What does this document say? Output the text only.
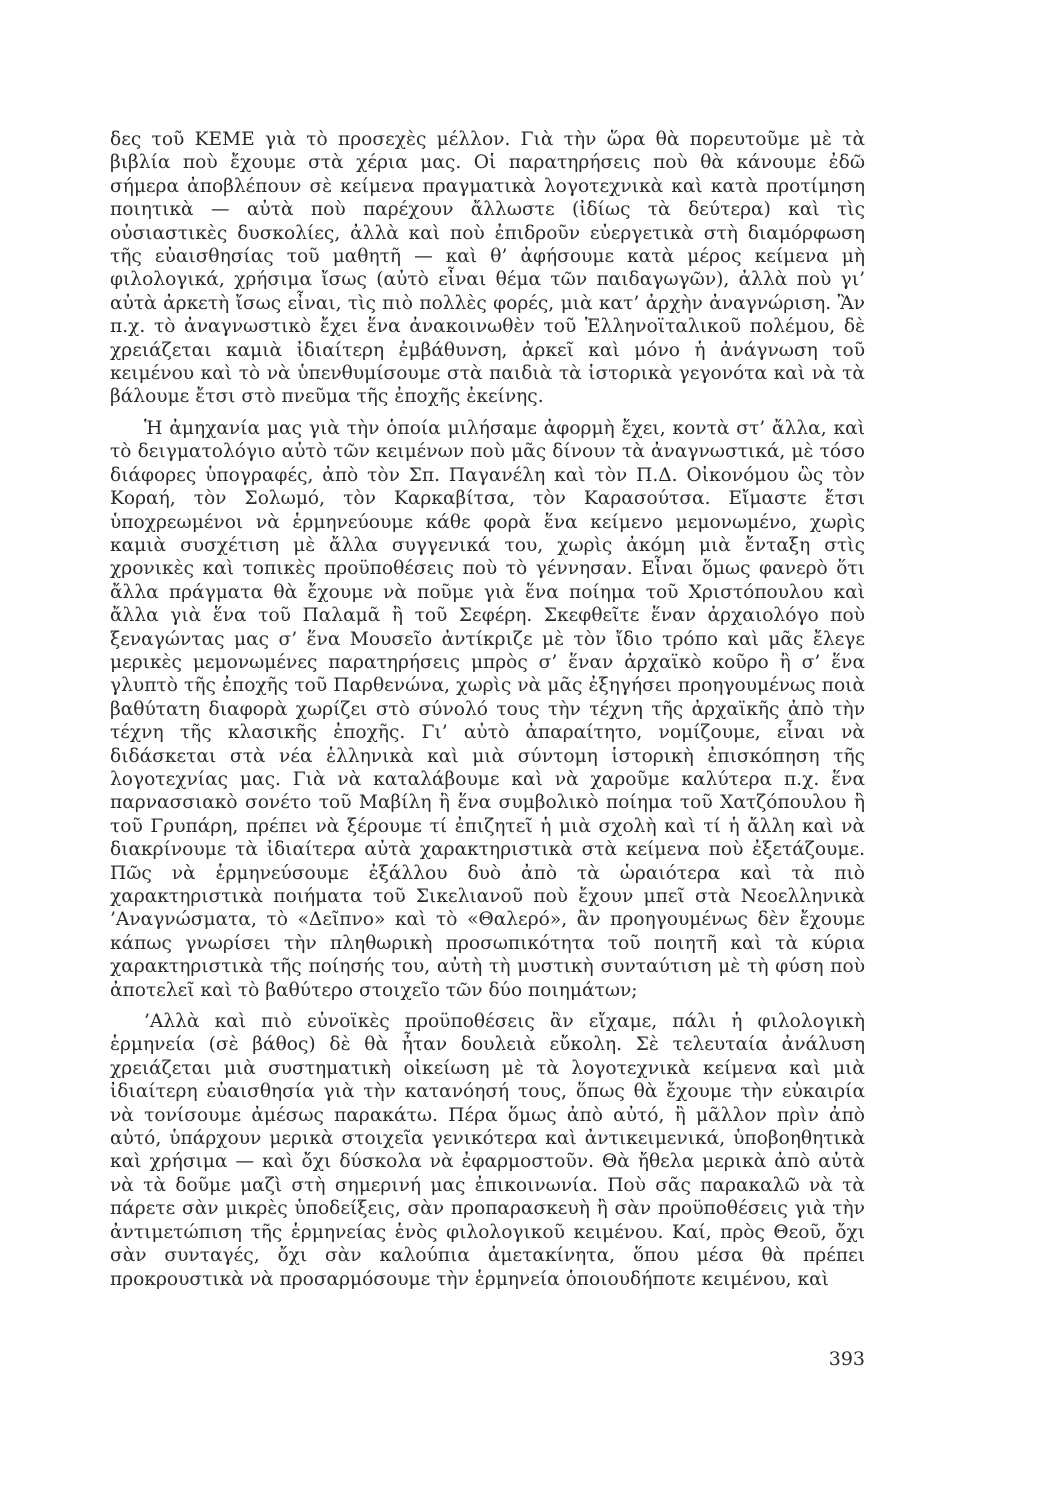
δες τοῦ ΚΕΜΕ γιὰ τὸ προσεχὲς μέλλον. Γιὰ τὴν ὥρα θὰ πορευτοῦμε μὲ τὰ βιβλία ποὺ ἔχουμε στὰ χέρια μας. Οἱ παρατηρήσεις ποὺ θὰ κάνουμε ἐδῶ σήμερα ἀποβλέπουν σὲ κείμενα πραγματικὰ λογοτεχνικὰ καὶ κατὰ προτίμηση ποιητικὰ — αὐτὰ ποὺ παρέχουν ἄλλωστε (ἰδίως τὰ δεύτερα) καὶ τὶς οὐσιαστικὲς δυσκολίες, ἀλλὰ καὶ ποὺ ἐπιδροῦν εὐεργετικὰ στὴ διαμόρφωση τῆς εὐαισθησίας τοῦ μαθητῆ — καὶ θ’ ἀφήσουμε κατὰ μέρος κείμενα μὴ φιλολογικά, χρήσιμα ἴσως (αὐτὸ εἶναι θέμα τῶν παιδαγωγῶν), ἀλλὰ ποὺ γι’ αὐτὰ ἀρκετὴ ἴσως εἶναι, τὶς πιὸ πολλὲς φορές, μιὰ κατ’ ἀρχὴν ἀναγνώριση. Ἂν π.χ. τὸ ἀναγνωστικὸ ἔχει ἕνα ἀνακοινωθὲν τοῦ Ἑλληνοϊταλικοῦ πολέμου, δὲ χρειάζεται καμιὰ ἰδιαίτερη ἐμβάθυνση, ἀρκεῖ καὶ μόνο ἡ ἀνάγνωση τοῦ κειμένου καὶ τὸ νὰ ὑπενθυμίσουμε στὰ παιδιὰ τὰ ἱστορικὰ γεγονότα καὶ νὰ τὰ βάλουμε ἔτσι στὸ πνεῦμα τῆς ἐποχῆς ἐκείνης.

Ἡ ἀμηχανία μας γιὰ τὴν ὁποία μιλήσαμε ἀφορμὴ ἔχει, κοντὰ στ’ ἄλλα, καὶ τὸ δειγματολόγιο αὐτὸ τῶν κειμένων ποὺ μᾶς δίνουν τὰ ἀναγνωστικά, μὲ τόσο διάφορες ὑπογραφές, ἀπὸ τὸν Σπ. Παγανέλη καὶ τὸν Π.Δ. Οἰκονόμου ὣς τὸν Κοραή, τὸν Σολωμό, τὸν Καρκαβίτσα, τὸν Καρασούτσα. Εἴμαστε ἔτσι ὑποχρεωμένοι νὰ ἑρμηνεύουμε κάθε φορὰ ἕνα κείμενο μεμονωμένο, χωρὶς καμιὰ συσχέτιση μὲ ἄλλα συγγενικά του, χωρὶς ἀκόμη μιὰ ἔνταξη στὶς χρονικὲς καὶ τοπικὲς προϋποθέσεις ποὺ τὸ γέννησαν. Εἶναι ὅμως φανερὸ ὅτι ἄλλα πράγματα θὰ ἔχουμε νὰ ποῦμε γιὰ ἕνα ποίημα τοῦ Χριστόπουλου καὶ ἄλλα γιὰ ἕνα τοῦ Παλαμᾶ ἢ τοῦ Σεφέρη. Σκεφθεῖτε ἕναν ἀρχαιολόγο ποὺ ξεναγώντας μας σ’ ἕνα Μουσεῖο ἀντίκριζε μὲ τὸν ἴδιο τρόπο καὶ μᾶς ἔλεγε μερικὲς μεμονωμένες παρατηρήσεις μπρὸς σ’ ἕναν ἀρχαϊκὸ κοῦρο ἢ σ’ ἕνα γλυπτὸ τῆς ἐποχῆς τοῦ Παρθενώνα, χωρὶς νὰ μᾶς ἐξηγήσει προηγουμένως ποιὰ βαθύτατη διαφορὰ χωρίζει στὸ σύνολό τους τὴν τέχνη τῆς ἀρχαϊκῆς ἀπὸ τὴν τέχνη τῆς κλασικῆς ἐποχῆς. Γι’ αὐτὸ ἀπαραίτητο, νομίζουμε, εἶναι νὰ διδάσκεται στὰ νέα ἑλληνικὰ καὶ μιὰ σύντομη ἱστορικὴ ἐπισκόπηση τῆς λογοτεχνίας μας. Γιὰ νὰ καταλάβουμε καὶ νὰ χαροῦμε καλύτερα π.χ. ἕνα παρνασσιακὸ σονέτο τοῦ Μαβίλη ἢ ἕνα συμβολικὸ ποίημα τοῦ Χατζόπουλου ἢ τοῦ Γρυπάρη, πρέπει νὰ ξέρουμε τί ἐπιζητεῖ ἡ μιὰ σχολὴ καὶ τί ἡ ἄλλη καὶ νὰ διακρίνουμε τὰ ἰδιαίτερα αὐτὰ χαρακτηριστικὰ στὰ κείμενα ποὺ ἐξετάζουμε. Πῶς νὰ ἑρμηνεύσουμε ἐξάλλου δυὸ ἀπὸ τὰ ὡραιότερα καὶ τὰ πιὸ χαρακτηριστικὰ ποιήματα τοῦ Σικελιανοῦ ποὺ ἔχουν μπεῖ στὰ Νεοελληνικὰ ’Αναγνώσματα, τὸ «Δεῖπνο» καὶ τὸ «Θαλερό», ἂν προηγουμένως δὲν ἔχουμε κάπως γνωρίσει τὴν πληθωρικὴ προσωπικότητα τοῦ ποιητῆ καὶ τὰ κύρια χαρακτηριστικὰ τῆς ποίησής του, αὐτὴ τὴ μυστικὴ συνταύτιση μὲ τὴ φύση ποὺ ἀποτελεῖ καὶ τὸ βαθύτερο στοιχεῖο τῶν δύο ποιημάτων;

’Αλλὰ καὶ πιὸ εὐνοϊκὲς προϋποθέσεις ἂν εἴχαμε, πάλι ἡ φιλολογικὴ ἑρμηνεία (σὲ βάθος) δὲ θὰ ἦταν δουλειὰ εὔκολη. Σὲ τελευταία ἀνάλυση χρειάζεται μιὰ συστηματικὴ οἰκείωση μὲ τὰ λογοτεχνικὰ κείμενα καὶ μιὰ ἰδιαίτερη εὐαισθησία γιὰ τὴν κατανόησή τους, ὅπως θὰ ἔχουμε τὴν εὐκαιρία νὰ τονίσουμε ἀμέσως παρακάτω. Πέρα ὅμως ἀπὸ αὐτό, ἢ μᾶλλον πρὶν ἀπὸ αὐτό, ὑπάρχουν μερικὰ στοιχεῖα γενικότερα καὶ ἀντικειμενικά, ὑποβοηθητικὰ καὶ χρήσιμα — καὶ ὄχι δύσκολα νὰ ἐφαρμοστοῦν. Θὰ ἤθελα μερικὰ ἀπὸ αὐτὰ νὰ τὰ δοῦμε μαζὶ στὴ σημερινή μας ἐπικοινωνία. Ποὺ σᾶς παρακαλῶ νὰ τὰ πάρετε σὰν μικρὲς ὑποδείξεις, σὰν προπαρασκευὴ ἢ σὰν προϋποθέσεις γιὰ τὴν ἀντιμετώπιση τῆς ἑρμηνείας ἑνὸς φιλολογικοῦ κειμένου. Καί, πρὸς Θεοῦ, ὄχι σὰν συνταγές, ὄχι σὰν καλούπια ἀμετακίνητα, ὅπου μέσα θὰ πρέπει προκρουστικὰ νὰ προσαρμόσουμε τὴν ἑρμηνεία ὁποιουδήποτε κειμένου, καὶ

393
